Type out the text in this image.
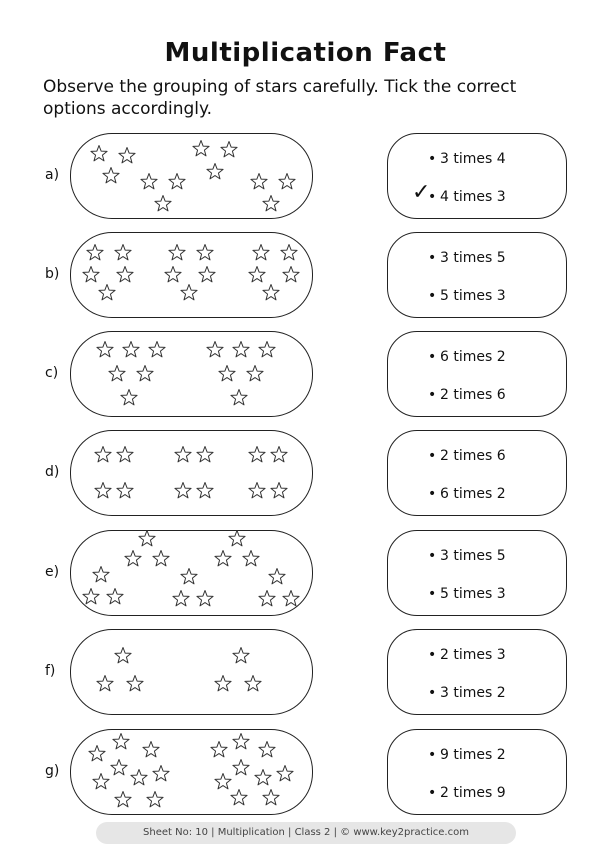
Multiplication Fact
Observe the grouping of stars carefully. Tick the correct options accordingly.
a)
• 3 times 4
✓
• 4 times 3
b)
• 3 times 5
• 5 times 3
c)
• 6 times 2
• 2 times 6
d)
• 2 times 6
• 6 times 2
e)
• 3 times 5
• 5 times 3
f)
• 2 times 3
• 3 times 2
g)
• 9 times 2
• 2 times 9
Sheet No: 10 | Multiplication | Class 2 | © www.key2practice.com
